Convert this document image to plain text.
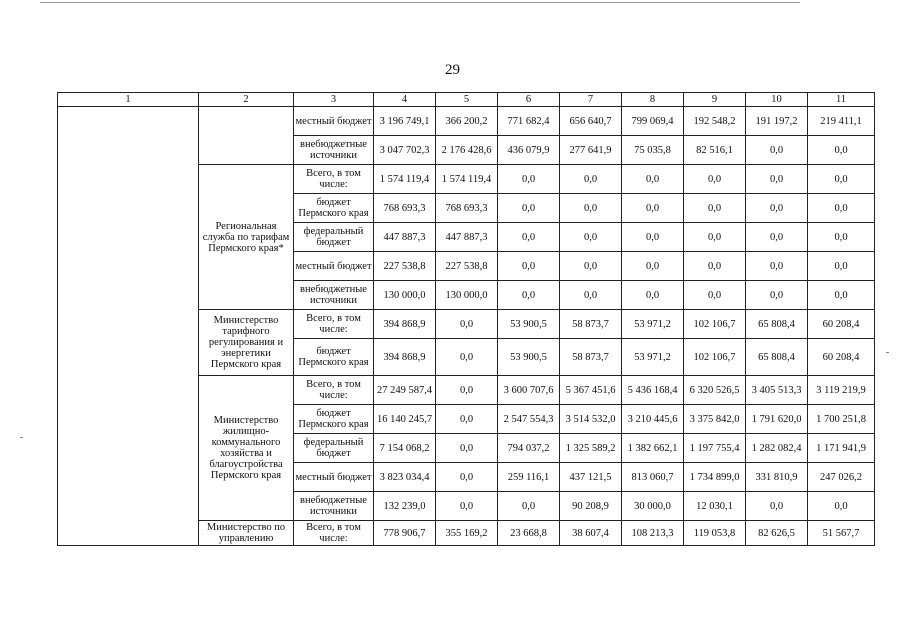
29
1	2	3	4	5	6	7	8	9	10	11
		местный бюджет	3 196 749,1	366 200,2	771 682,4	656 640,7	799 069,4	192 548,2	191 197,2	219 411,1
		внебюджетные источники	3 047 702,3	2 176 428,6	436 079,9	277 641,9	75 035,8	82 516,1	0,0	0,0
	Региональная служба по тарифам Пермского края*	Всего, в том числе:	1 574 119,4	1 574 119,4	0,0	0,0	0,0	0,0	0,0	0,0
		бюджет Пермского края	768 693,3	768 693,3	0,0	0,0	0,0	0,0	0,0	0,0
		федеральный бюджет	447 887,3	447 887,3	0,0	0,0	0,0	0,0	0,0	0,0
		местный бюджет	227 538,8	227 538,8	0,0	0,0	0,0	0,0	0,0	0,0
		внебюджетные источники	130 000,0	130 000,0	0,0	0,0	0,0	0,0	0,0	0,0
	Министерство тарифного регулирования и энергетики Пермского края	Всего, в том числе:	394 868,9	0,0	53 900,5	58 873,7	53 971,2	102 106,7	65 808,4	60 208,4
		бюджет Пермского края	394 868,9	0,0	53 900,5	58 873,7	53 971,2	102 106,7	65 808,4	60 208,4
	Министерство жилищно-коммунального хозяйства и благоустройства Пермского края	Всего, в том числе:	27 249 587,4	0,0	3 600 707,6	5 367 451,6	5 436 168,4	6 320 526,5	3 405 513,3	3 119 219,9
		бюджет Пермского края	16 140 245,7	0,0	2 547 554,3	3 514 532,0	3 210 445,6	3 375 842,0	1 791 620,0	1 700 251,8
		федеральный бюджет	7 154 068,2	0,0	794 037,2	1 325 589,2	1 382 662,1	1 197 755,4	1 282 082,4	1 171 941,9
		местный бюджет	3 823 034,4	0,0	259 116,1	437 121,5	813 060,7	1 734 899,0	331 810,9	247 026,2
		внебюджетные источники	132 239,0	0,0	0,0	90 208,9	30 000,0	12 030,1	0,0	0,0
	Министерство по управлению	Всего, в том числе:	778 906,7	355 169,2	23 668,8	38 607,4	108 213,3	119 053,8	82 626,5	51 567,7
